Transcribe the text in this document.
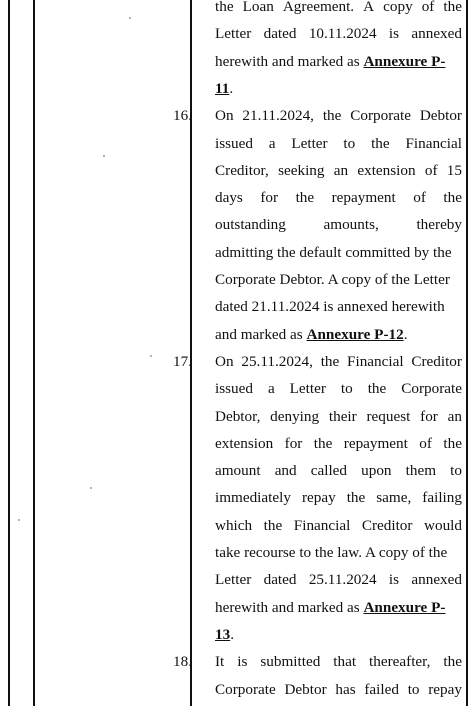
the Loan Agreement. A copy of the
Letter dated 10.11.2024 is annexed
herewith and marked as Annexure P-
11.
16. On 21.11.2024, the Corporate Debtor
issued a Letter to the Financial
Creditor, seeking an extension of 15
days for the repayment of the
outstanding amounts, thereby
admitting the default committed by the
Corporate Debtor. A copy of the Letter
dated 21.11.2024 is annexed herewith
and marked as Annexure P-12.
17. On 25.11.2024, the Financial Creditor
issued a Letter to the Corporate
Debtor, denying their request for an
extension for the repayment of the
amount and called upon them to
immediately repay the same, failing
which the Financial Creditor would
take recourse to the law. A copy of the
Letter dated 25.11.2024 is annexed
herewith and marked as Annexure P-
13.
18. It is submitted that thereafter, the
Corporate Debtor has failed to repay
